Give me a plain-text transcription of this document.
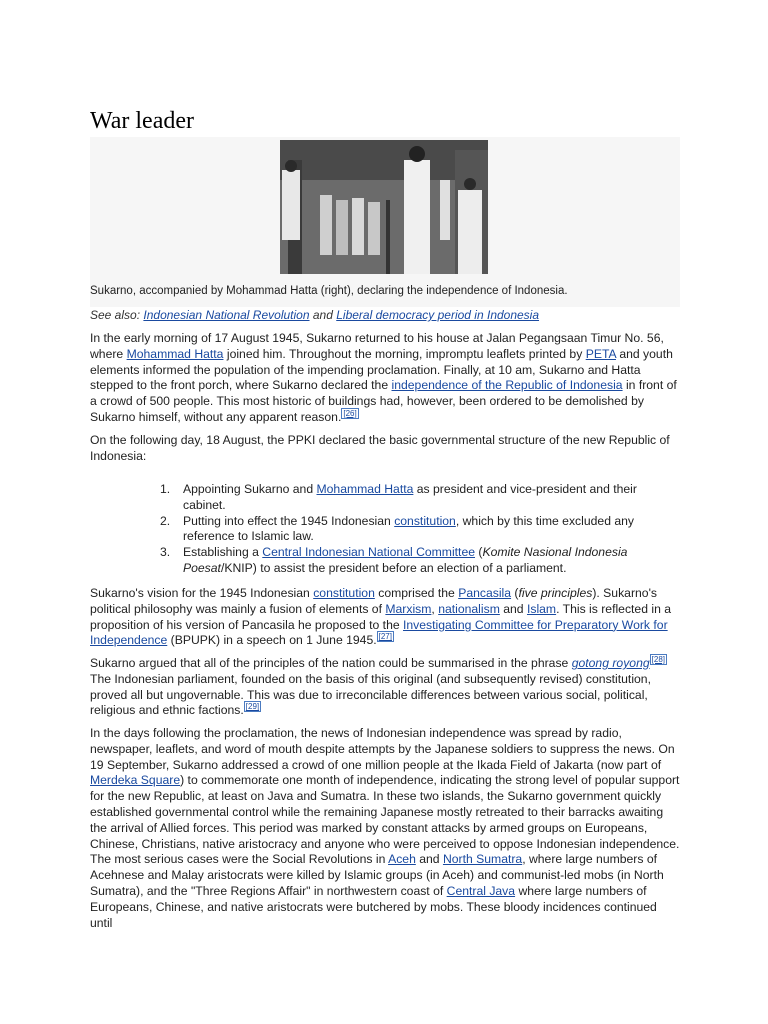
War leader
Sukarno, accompanied by Mohammad Hatta (right), declaring the independence of Indonesia.
See also: Indonesian National Revolution and Liberal democracy period in Indonesia
In the early morning of 17 August 1945, Sukarno returned to his house at Jalan Pegangsaan Timur No. 56, where Mohammad Hatta joined him. Throughout the morning, impromptu leaflets printed by PETA and youth elements informed the population of the impending proclamation. Finally, at 10 am, Sukarno and Hatta stepped to the front porch, where Sukarno declared the independence of the Republic of Indonesia in front of a crowd of 500 people. This most historic of buildings had, however, been ordered to be demolished by Sukarno himself, without any apparent reason. [26]
On the following day, 18 August, the PPKI declared the basic governmental structure of the new Republic of Indonesia:
1. Appointing Sukarno and Mohammad Hatta as president and vice-president and their cabinet.
2. Putting into effect the 1945 Indonesian constitution, which by this time excluded any reference to Islamic law.
3. Establishing a Central Indonesian National Committee (Komite Nasional Indonesia Poesat/KNIP) to assist the president before an election of a parliament.
Sukarno's vision for the 1945 Indonesian constitution comprised the Pancasila (five principles). Sukarno's political philosophy was mainly a fusion of elements of Marxism, nationalism and Islam. This is reflected in a proposition of his version of Pancasila he proposed to the Investigating Committee for Preparatory Work for Independence (BPUPK) in a speech on 1 June 1945. [27]
Sukarno argued that all of the principles of the nation could be summarised in the phrase gotong royong [28] The Indonesian parliament, founded on the basis of this original (and subsequently revised) constitution, proved all but ungovernable. This was due to irreconcilable differences between various social, political, religious and ethnic factions. [29]
In the days following the proclamation, the news of Indonesian independence was spread by radio, newspaper, leaflets, and word of mouth despite attempts by the Japanese soldiers to suppress the news. On 19 September, Sukarno addressed a crowd of one million people at the Ikada Field of Jakarta (now part of Merdeka Square) to commemorate one month of independence, indicating the strong level of popular support for the new Republic, at least on Java and Sumatra. In these two islands, the Sukarno government quickly established governmental control while the remaining Japanese mostly retreated to their barracks awaiting the arrival of Allied forces. This period was marked by constant attacks by armed groups on Europeans, Chinese, Christians, native aristocracy and anyone who were perceived to oppose Indonesian independence. The most serious cases were the Social Revolutions in Aceh and North Sumatra, where large numbers of Acehnese and Malay aristocrats were killed by Islamic groups (in Aceh) and communist-led mobs (in North Sumatra), and the "Three Regions Affair" in northwestern coast of Central Java where large numbers of Europeans, Chinese, and native aristocrats were butchered by mobs. These bloody incidences continued until
